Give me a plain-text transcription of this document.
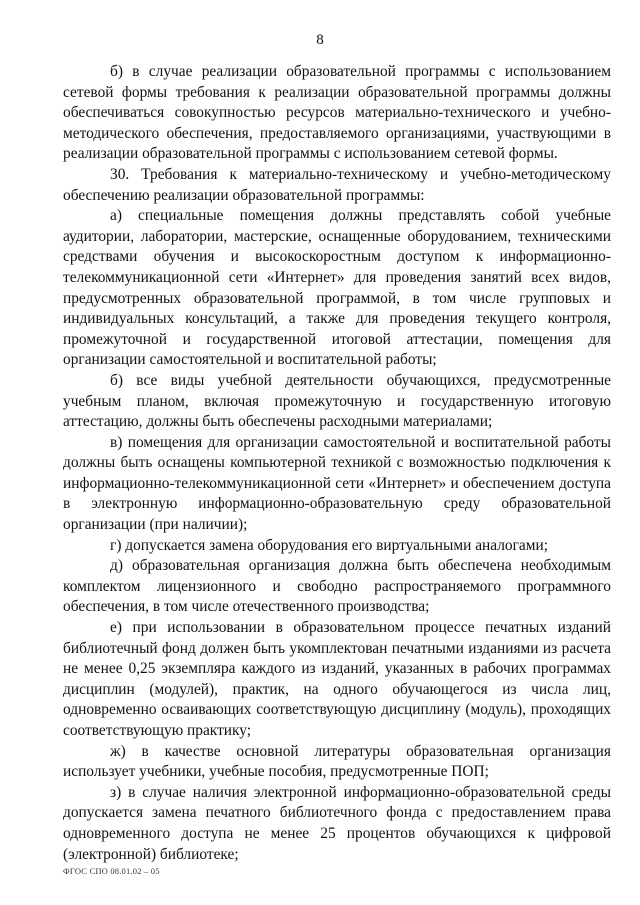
8

б) в случае реализации образовательной программы с использованием сетевой формы требования к реализации образовательной программы должны обеспечиваться совокупностью ресурсов материально-технического и учебно-методического обеспечения, предоставляемого организациями, участвующими в реализации образовательной программы с использованием сетевой формы.

30. Требования к материально-техническому и учебно-методическому обеспечению реализации образовательной программы:

а) специальные помещения должны представлять собой учебные аудитории, лаборатории, мастерские, оснащенные оборудованием, техническими средствами обучения и высокоскоростным доступом к информационно-телекоммуникационной сети «Интернет» для проведения занятий всех видов, предусмотренных образовательной программой, в том числе групповых и индивидуальных консультаций, а также для проведения текущего контроля, промежуточной и государственной итоговой аттестации, помещения для организации самостоятельной и воспитательной работы;

б) все виды учебной деятельности обучающихся, предусмотренные учебным планом, включая промежуточную и государственную итоговую аттестацию, должны быть обеспечены расходными материалами;

в) помещения для организации самостоятельной и воспитательной работы должны быть оснащены компьютерной техникой с возможностью подключения к информационно-телекоммуникационной сети «Интернет» и обеспечением доступа в электронную информационно-образовательную среду образовательной организации (при наличии);

г) допускается замена оборудования его виртуальными аналогами;

д) образовательная организация должна быть обеспечена необходимым комплектом лицензионного и свободно распространяемого программного обеспечения, в том числе отечественного производства;

е) при использовании в образовательном процессе печатных изданий библиотечный фонд должен быть укомплектован печатными изданиями из расчета не менее 0,25 экземпляра каждого из изданий, указанных в рабочих программах дисциплин (модулей), практик, на одного обучающегося из числа лиц, одновременно осваивающих соответствующую дисциплину (модуль), проходящих соответствующую практику;

ж) в качестве основной литературы образовательная организация использует учебники, учебные пособия, предусмотренные ПОП;

з) в случае наличия электронной информационно-образовательной среды допускается замена печатного библиотечного фонда с предоставлением права одновременного доступа не менее 25 процентов обучающихся к цифровой (электронной) библиотеке;

ФГОС СПО 08.01.02 – 05
